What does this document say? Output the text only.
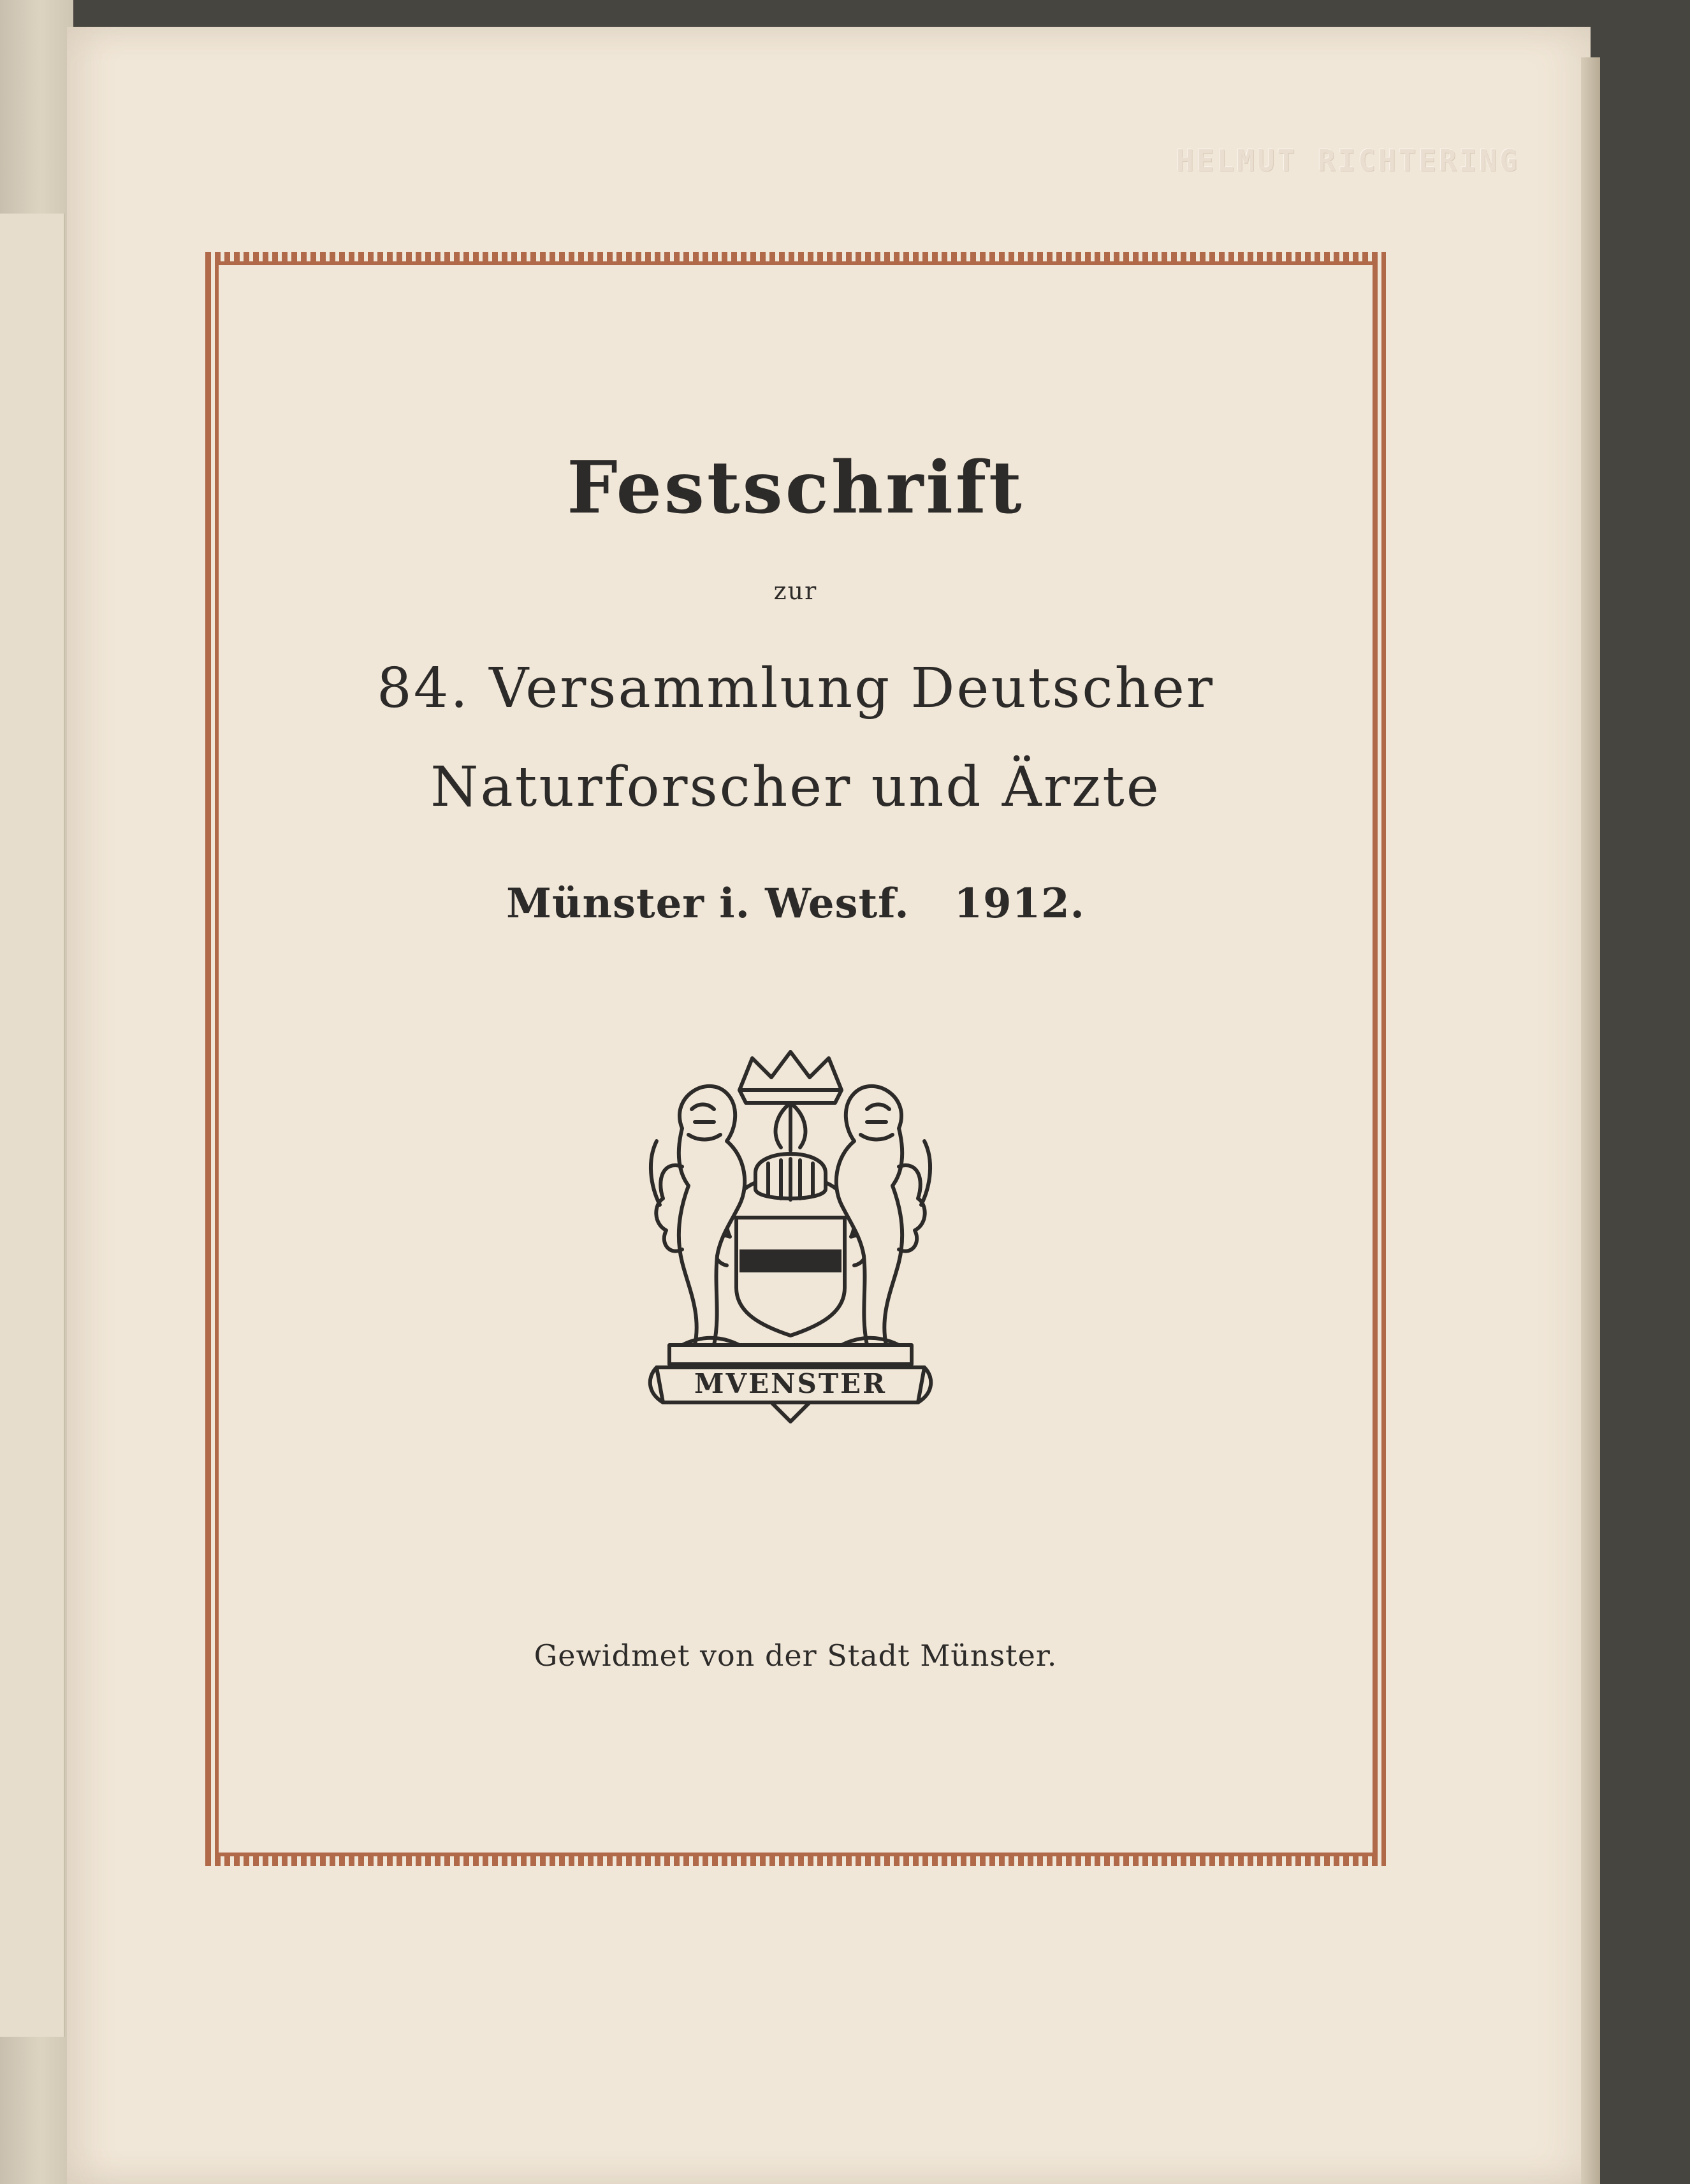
HELMUT RICHTERING
Festschrift
zur
84. Versammlung Deutscher
Naturforscher und Ärzte
Münster i. Westf.   1912.
MVENSTER
Gewidmet von der Stadt Münster.
